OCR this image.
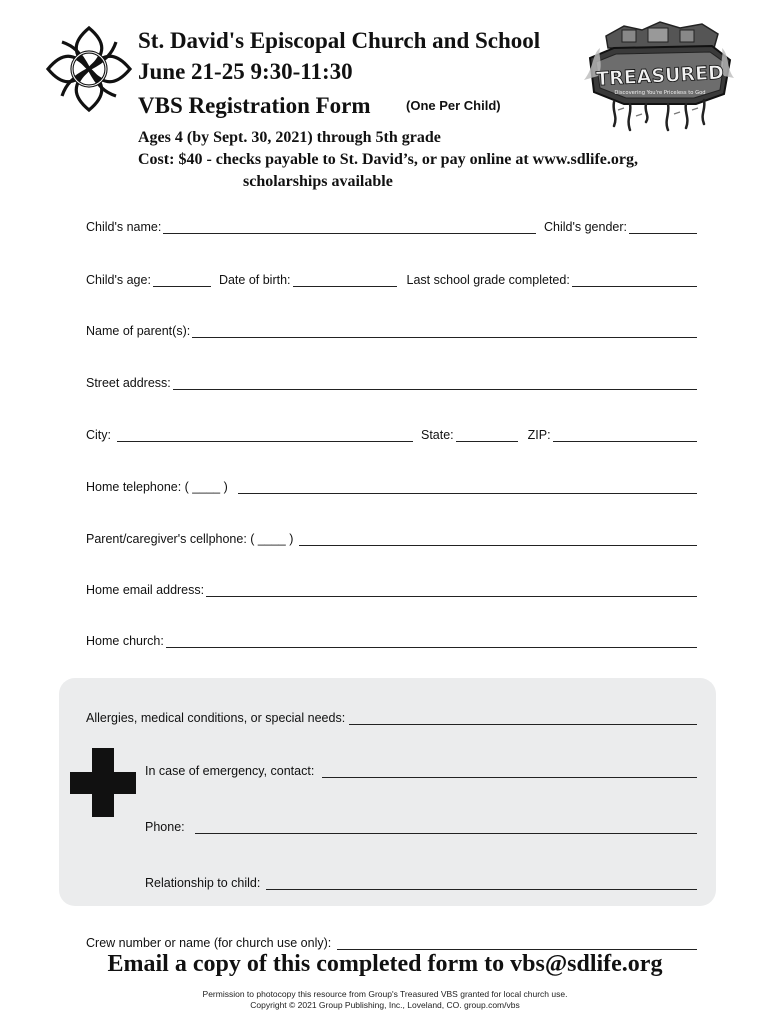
St. David's Episcopal Church and School
June 21-25 9:30-11:30
VBS Registration Form	(One Per Child)
Ages 4 (by Sept. 30, 2021) through 5th grade
Cost: $40 - checks payable to St. David’s, or pay online at www.sdlife.org,
scholarships available
TREASURED
Discovering You're Priceless to God
Child's name:	Child's gender:
Child's age:	Date of birth:	Last school grade completed:
Name of parent(s):
Street address:
City:	State:	ZIP:
Home telephone: ( ____ )
Parent/caregiver's cellphone: ( ____ )
Home email address:
Home church:
Allergies, medical conditions, or special needs:
In case of emergency, contact:
Phone:
Relationship to child:
Crew number or name (for church use only):
Email a copy of this completed form to vbs@sdlife.org
Permission to photocopy this resource from Group's Treasured VBS granted for local church use.
Copyright © 2021 Group Publishing, Inc., Loveland, CO. group.com/vbs
